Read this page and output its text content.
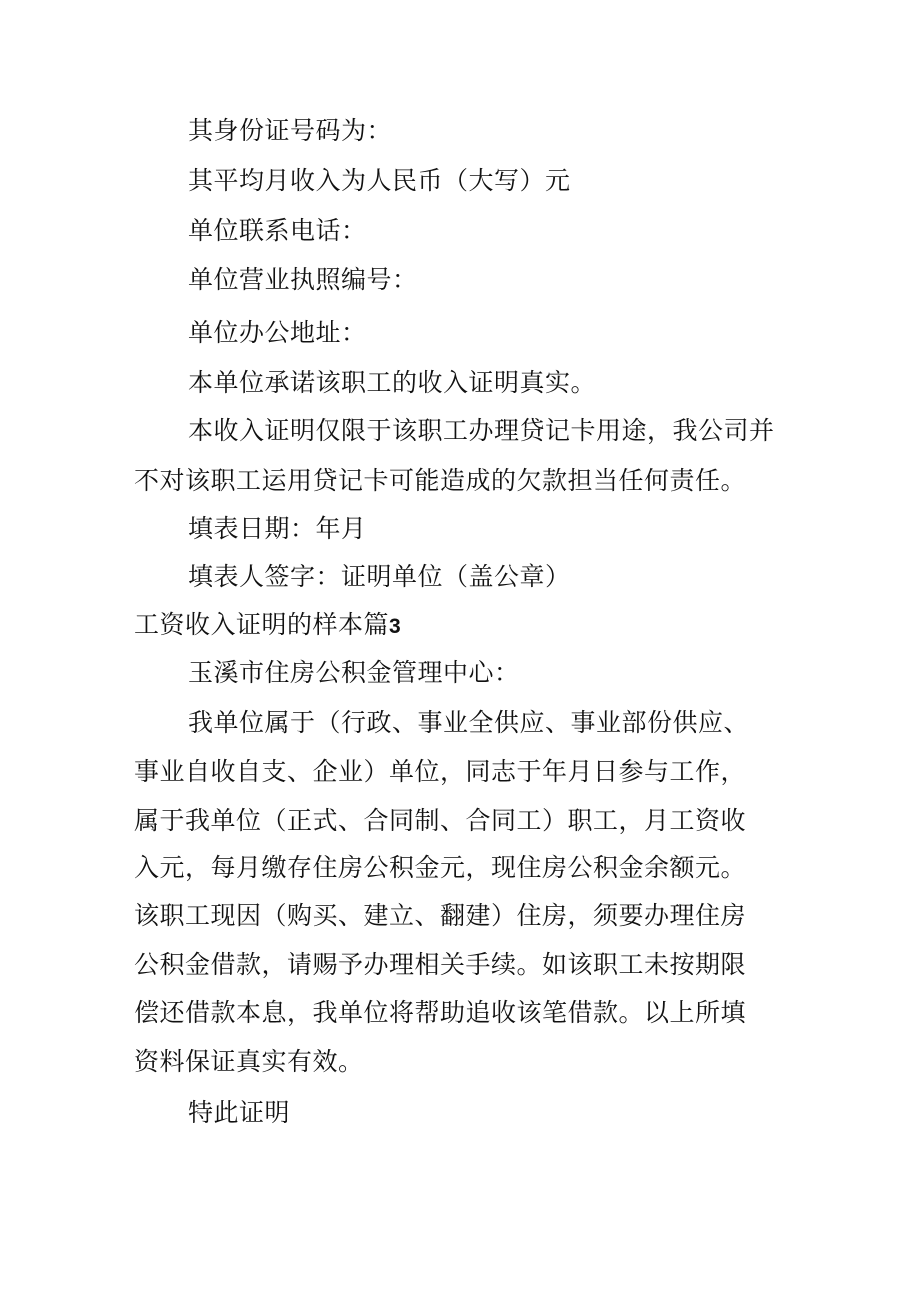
其身份证号码为：
其平均月收入为人民币（大写）元
单位联系电话：
单位营业执照编号：
单位办公地址：
本单位承诺该职工的收入证明真实。
本收入证明仅限于该职工办理贷记卡用途，我公司并
不对该职工运用贷记卡可能造成的欠款担当任何责任。
填表日期：年月
填表人签字：证明单位（盖公章）
工资收入证明的样本篇3
玉溪市住房公积金管理中心：
我单位属于（行政、事业全供应、事业部份供应、
事业自收自支、企业）单位，同志于年月日参与工作，
属于我单位（正式、合同制、合同工）职工，月工资收
入元，每月缴存住房公积金元，现住房公积金余额元。
该职工现因（购买、建立、翻建）住房，须要办理住房
公积金借款，请赐予办理相关手续。如该职工未按期限
偿还借款本息，我单位将帮助追收该笔借款。以上所填
资料保证真实有效。
特此证明
